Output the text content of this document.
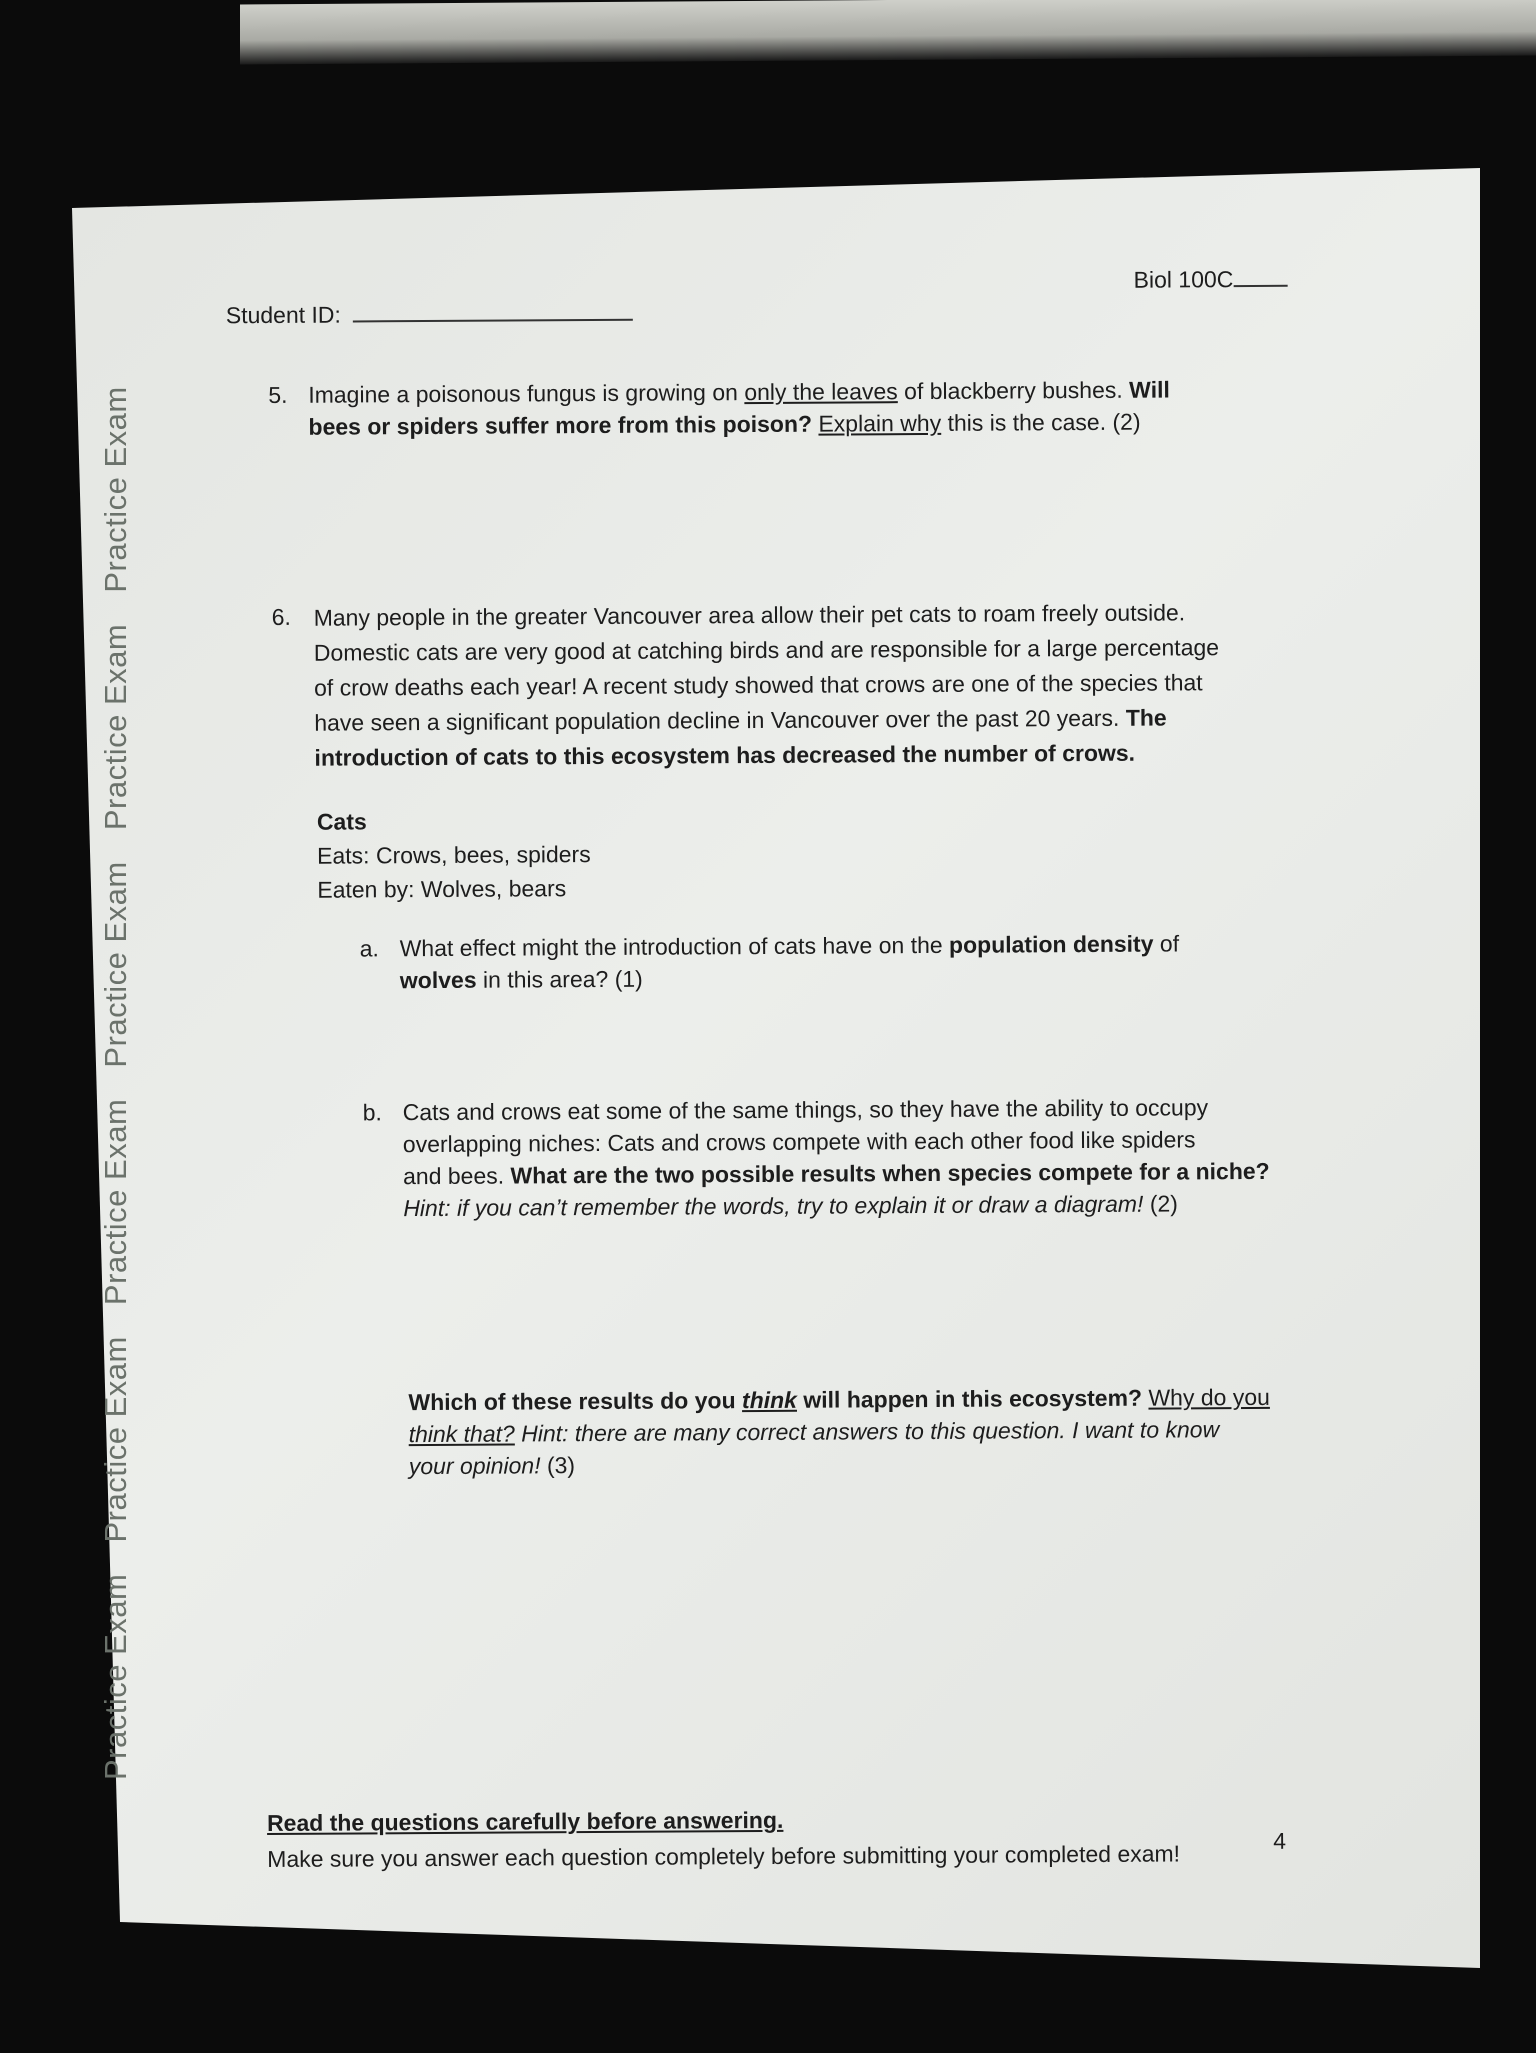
Practice Exam Practice Exam Practice Exam Practice Exam Practice Exam Practice Exam
Student ID:
Biol 100C
5. Imagine a poisonous fungus is growing on only the leaves of blackberry bushes. Will
bees or spiders suffer more from this poison? Explain why this is the case. (2)

6. Many people in the greater Vancouver area allow their pet cats to roam freely outside.
Domestic cats are very good at catching birds and are responsible for a large percentage
of crow deaths each year! A recent study showed that crows are one of the species that
have seen a significant population decline in Vancouver over the past 20 years. The
introduction of cats to this ecosystem has decreased the number of crows.

Cats
Eats: Crows, bees, spiders
Eaten by: Wolves, bears
a. What effect might the introduction of cats have on the population density of
wolves in this area? (1)

b. Cats and crows eat some of the same things, so they have the ability to occupy
overlapping niches: Cats and crows compete with each other food like spiders
and bees. What are the two possible results when species compete for a niche?
Hint: if you can’t remember the words, try to explain it or draw a diagram! (2)

Which of these results do you think will happen in this ecosystem? Why do you
think that? Hint: there are many correct answers to this question. I want to know
your opinion! (3)

Read the questions carefully before answering.
Make sure you answer each question completely before submitting your completed exam!	4
